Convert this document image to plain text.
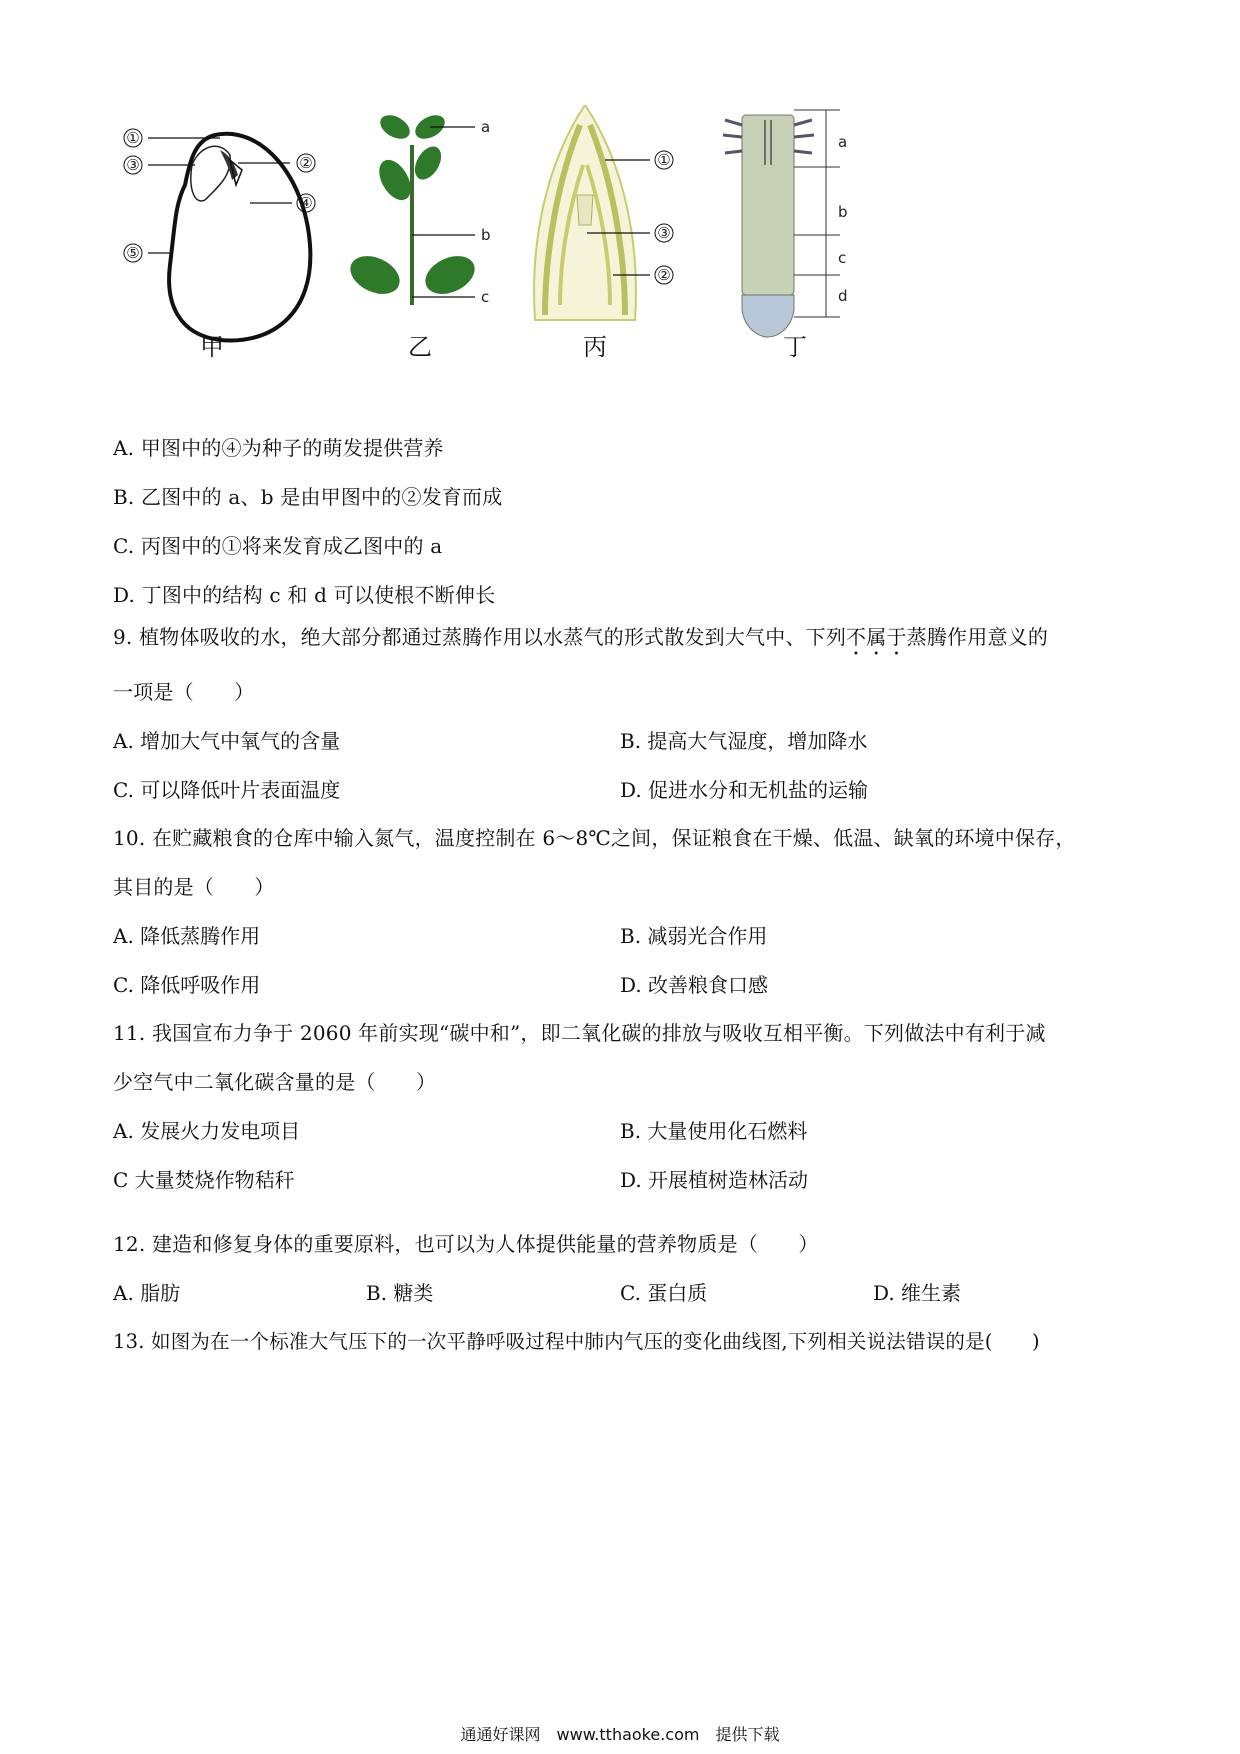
①
③
⑤
②
④
甲
a
b
c
乙
①
③
②
丙
a
b
c
d
丁
A. 甲图中的④为种子的萌发提供营养
B. 乙图中的 a、b 是由甲图中的②发育而成
C. 丙图中的①将来发育成乙图中的 a
D. 丁图中的结构 c 和 d 可以使根不断伸长
9. 植物体吸收的水，绝大部分都通过蒸腾作用以水蒸气的形式散发到大气中、下列不属于蒸腾作用意义的
一项是（　　）
A. 增加大气中氧气的含量	B. 提高大气湿度，增加降水
C. 可以降低叶片表面温度	D. 促进水分和无机盐的运输
10. 在贮藏粮食的仓库中输入氮气，温度控制在 6～8℃之间，保证粮食在干燥、低温、缺氧的环境中保存，
其目的是（　　）
A. 降低蒸腾作用	B. 减弱光合作用
C. 降低呼吸作用	D. 改善粮食口感
11. 我国宣布力争于 2060 年前实现“碳中和”，即二氧化碳的排放与吸收互相平衡。下列做法中有利于减
少空气中二氧化碳含量的是（　　）
A. 发展火力发电项目	B. 大量使用化石燃料
C 大量焚烧作物秸秆	D. 开展植树造林活动
12. 建造和修复身体的重要原料，也可以为人体提供能量的营养物质是（　　）
A. 脂肪	B. 糖类	C. 蛋白质	D. 维生素
13. 如图为在一个标准大气压下的一次平静呼吸过程中肺内气压的变化曲线图,下列相关说法错误的是(　　)
通通好课网　www.tthaoke.com　提供下载
